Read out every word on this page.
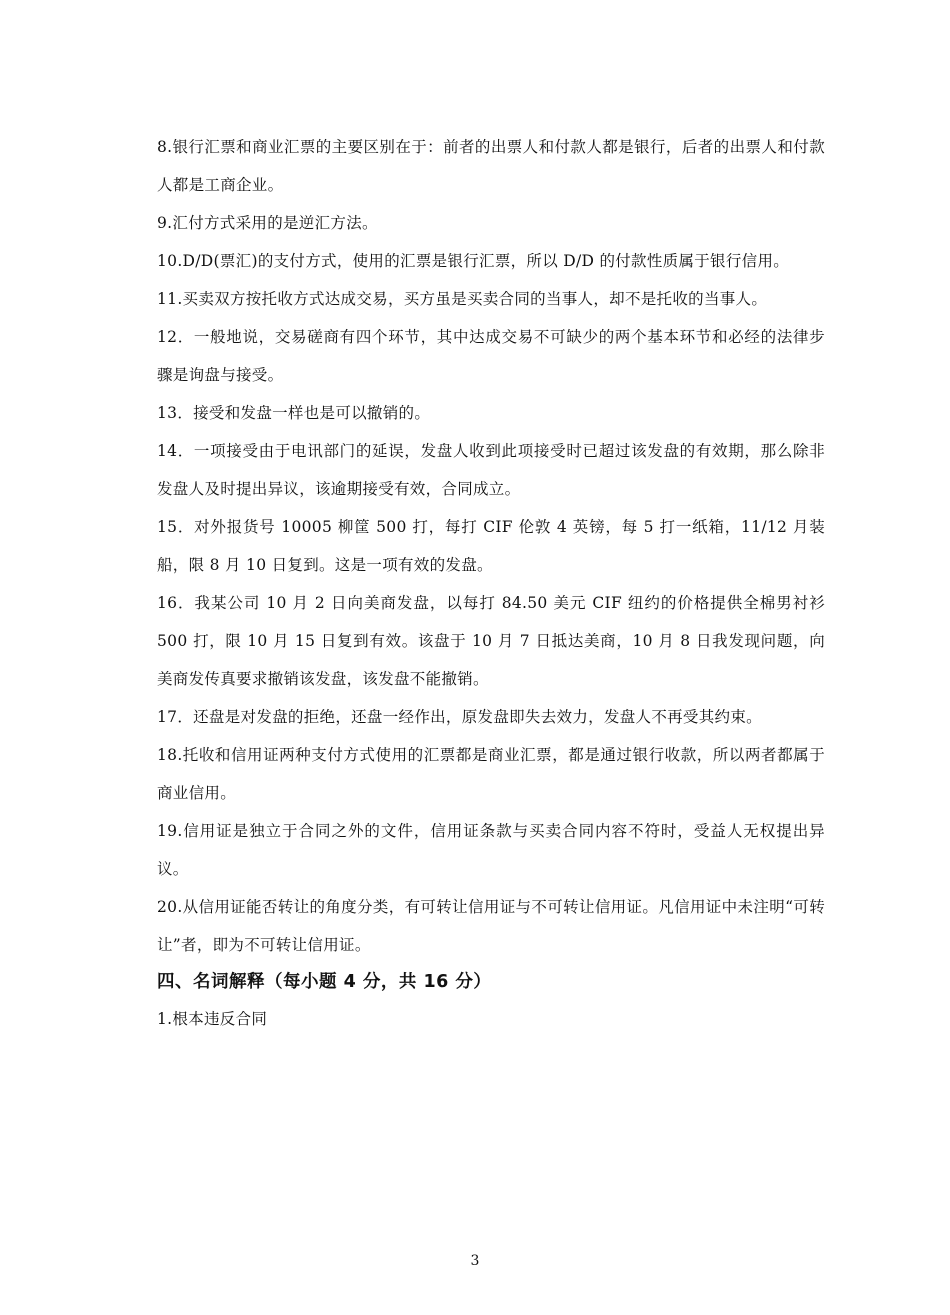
8.银行汇票和商业汇票的主要区别在于：前者的出票人和付款人都是银行，后者的出票人和付款人都是工商企业。

9.汇付方式采用的是逆汇方法。

10.D/D(票汇)的支付方式，使用的汇票是银行汇票，所以 D/D 的付款性质属于银行信用。

11.买卖双方按托收方式达成交易，买方虽是买卖合同的当事人，却不是托收的当事人。

12．一般地说，交易磋商有四个环节，其中达成交易不可缺少的两个基本环节和必经的法律步骤是询盘与接受。

13．接受和发盘一样也是可以撤销的。

14．一项接受由于电讯部门的延误，发盘人收到此项接受时已超过该发盘的有效期，那么除非发盘人及时提出异议，该逾期接受有效，合同成立。

15．对外报货号 10005 柳筐 500 打，每打 CIF 伦敦 4 英镑，每 5 打一纸箱，11/12 月装船，限 8 月 10 日复到。这是一项有效的发盘。

16．我某公司 10 月 2 日向美商发盘，以每打 84.50 美元 CIF 纽约的价格提供全棉男衬衫 500 打，限 10 月 15 日复到有效。该盘于 10 月 7 日抵达美商，10 月 8 日我发现问题，向美商发传真要求撤销该发盘，该发盘不能撤销。

17．还盘是对发盘的拒绝，还盘一经作出，原发盘即失去效力，发盘人不再受其约束。

18.托收和信用证两种支付方式使用的汇票都是商业汇票，都是通过银行收款，所以两者都属于商业信用。

19.信用证是独立于合同之外的文件，信用证条款与买卖合同内容不符时，受益人无权提出异议。

20.从信用证能否转让的角度分类，有可转让信用证与不可转让信用证。凡信用证中未注明“可转让”者，即为不可转让信用证。

四、名词解释（每小题 4 分，共 16 分）

1.根本违反合同

3
